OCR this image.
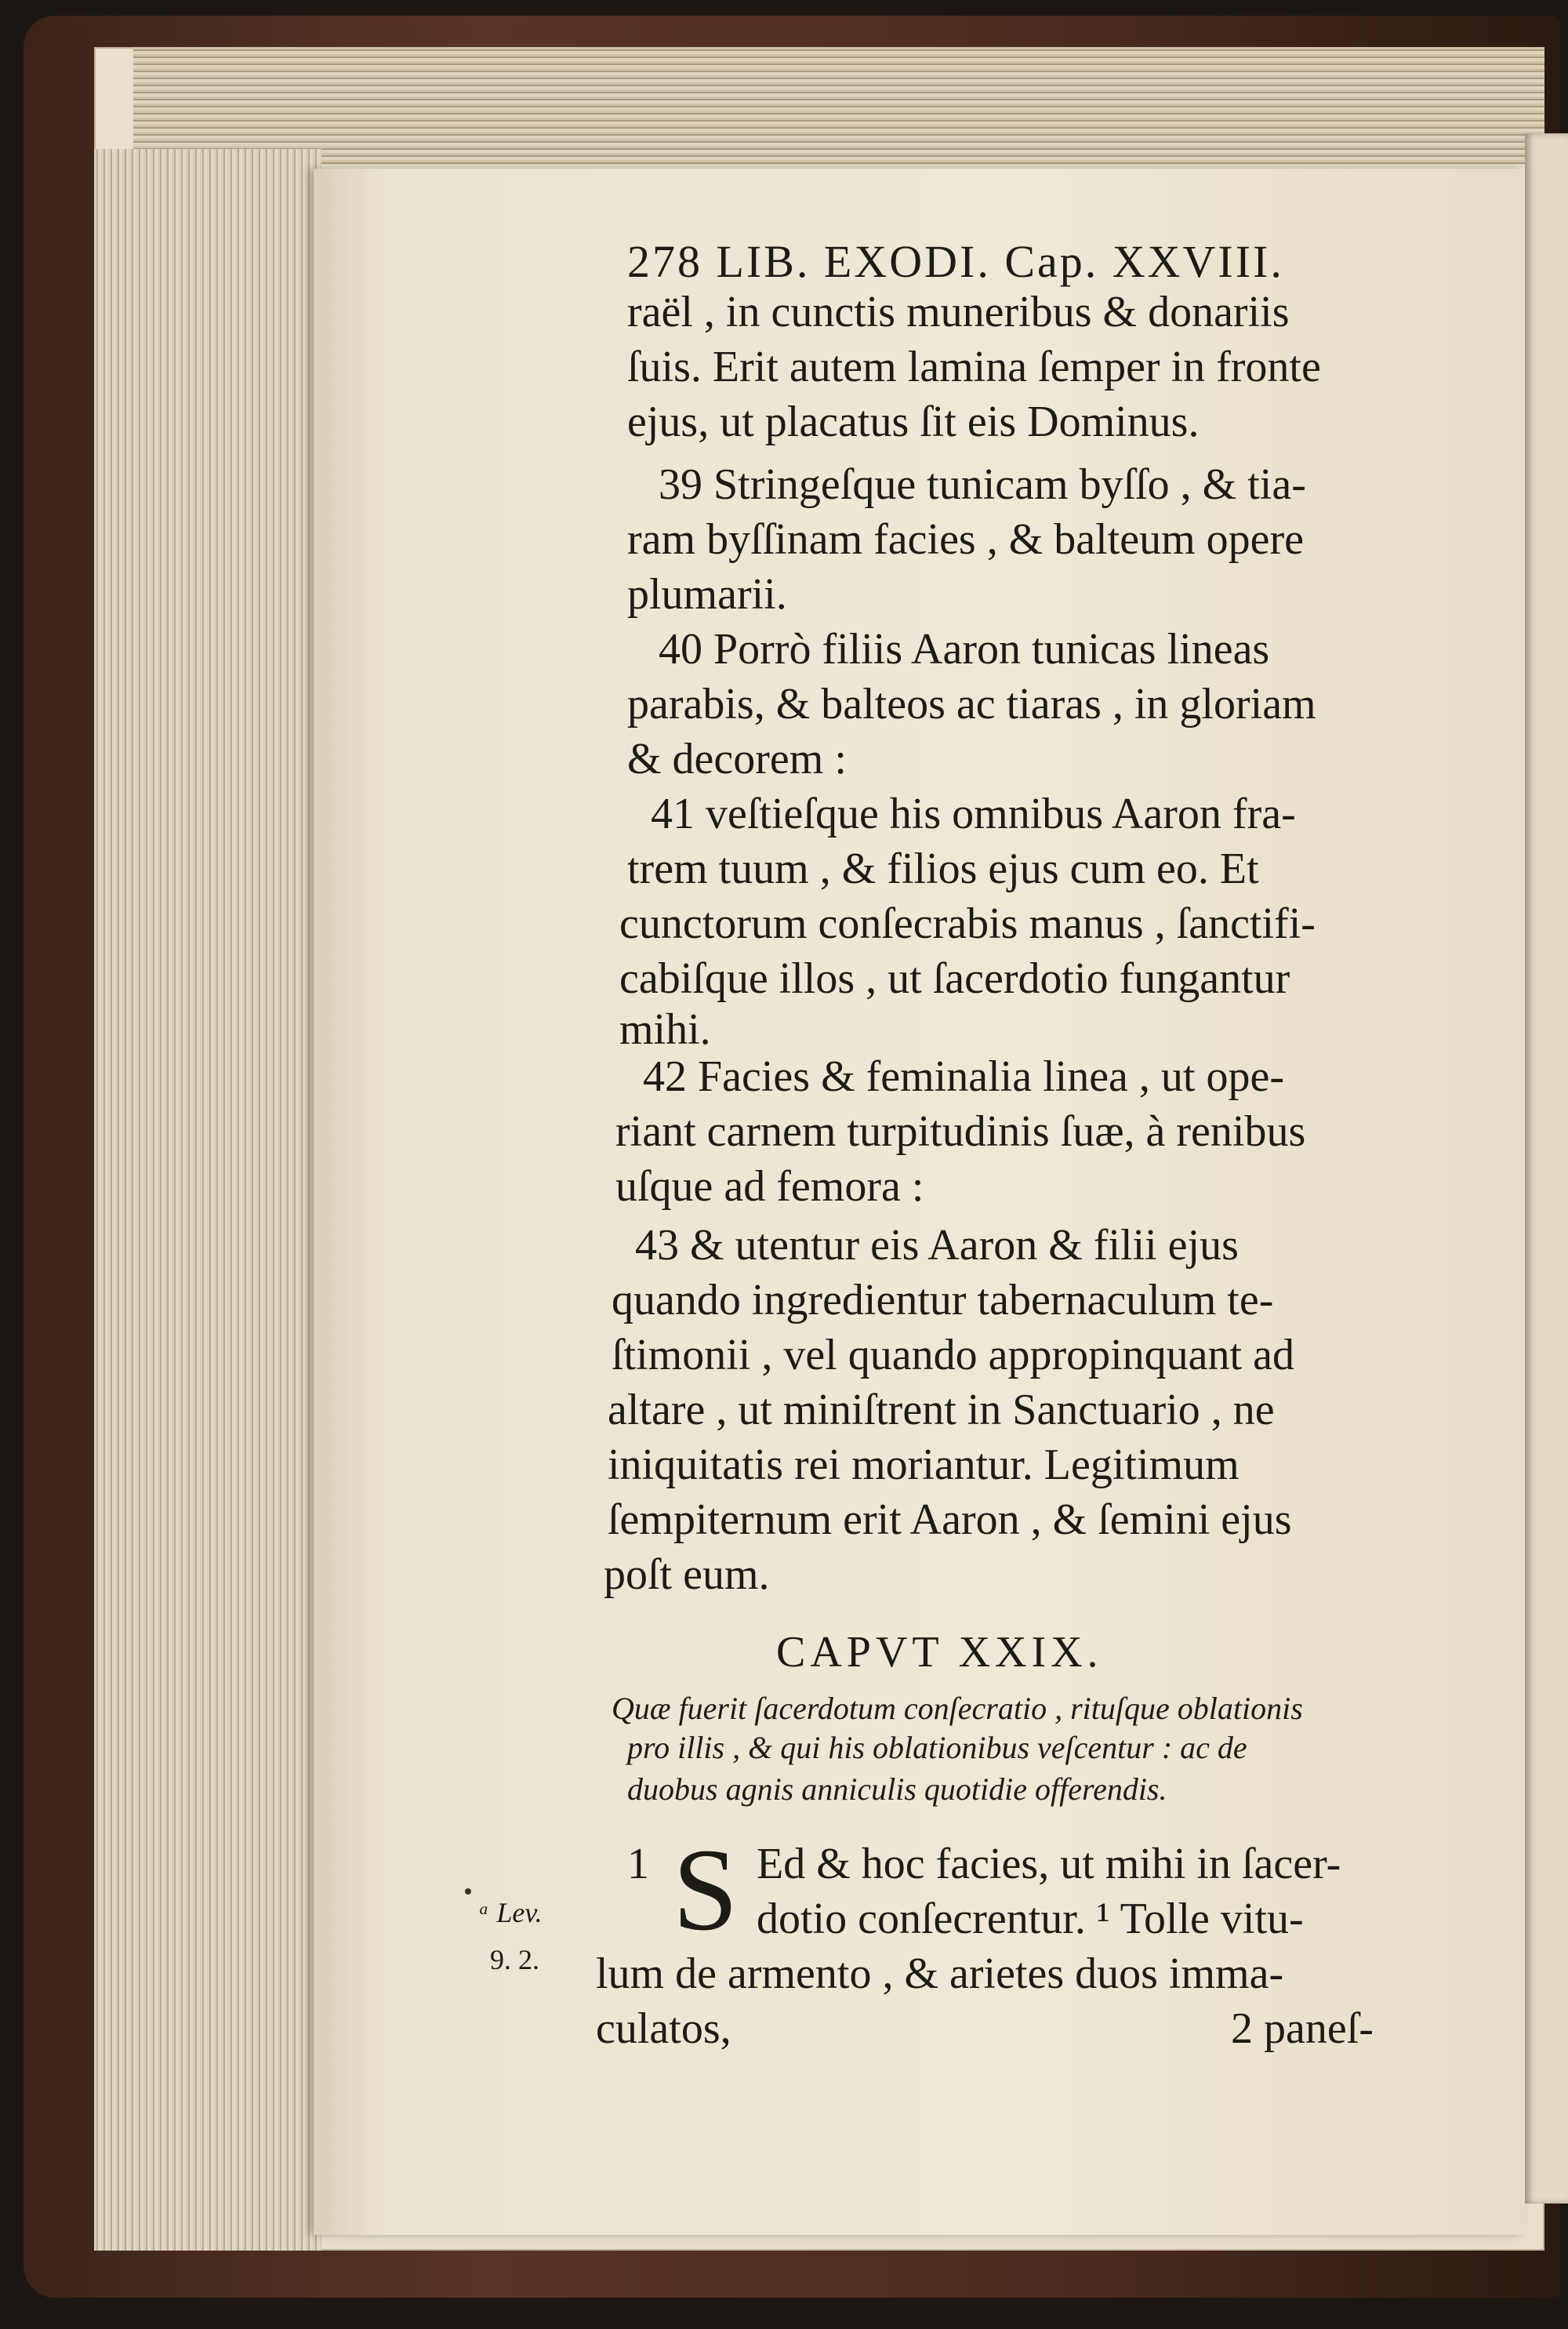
278 LIB. EXODI. Cap. XXVIII.
raël , in cunctis muneribus & donariis
ſuis. Erit autem lamina ſemper in fronte
ejus, ut placatus ſit eis Dominus.
39 Stringeſque tunicam byſſo , & tia-
ram byſſinam facies , & balteum opere
plumarii.
40 Porrò filiis Aaron tunicas lineas
parabis, & balteos ac tiaras , in gloriam
& decorem :
41 veſtieſque his omnibus Aaron fra-
trem tuum , & filios ejus cum eo. Et
cunctorum conſecrabis manus , ſanctifi-
cabiſque illos , ut ſacerdotio fungantur
mihi.
42 Facies & feminalia linea , ut ope-
riant carnem turpitudinis ſuæ, à renibus
uſque ad femora :
43 & utentur eis Aaron & filii ejus
quando ingredientur tabernaculum te-
ſtimonii , vel quando appropinquant ad
altare , ut miniſtrent in Sanctuario , ne
iniquitatis rei moriantur. Legitimum
ſempiternum erit Aaron , & ſemini ejus
poſt eum.
CAPVT XXIX.
Quæ fuerit ſacerdotum conſecratio , rituſque oblationis
pro illis , & qui his oblationibus veſcentur : ac de
duobus agnis anniculis quotidie offerendis.
1 S Ed & hoc facies, ut mihi in ſacer-
dotio conſecrentur. ¹ Tolle vitu-
lum de armento , & arietes duos imma-
culatos,	2 paneſ-
ᵃ Lev.
9. 2.
